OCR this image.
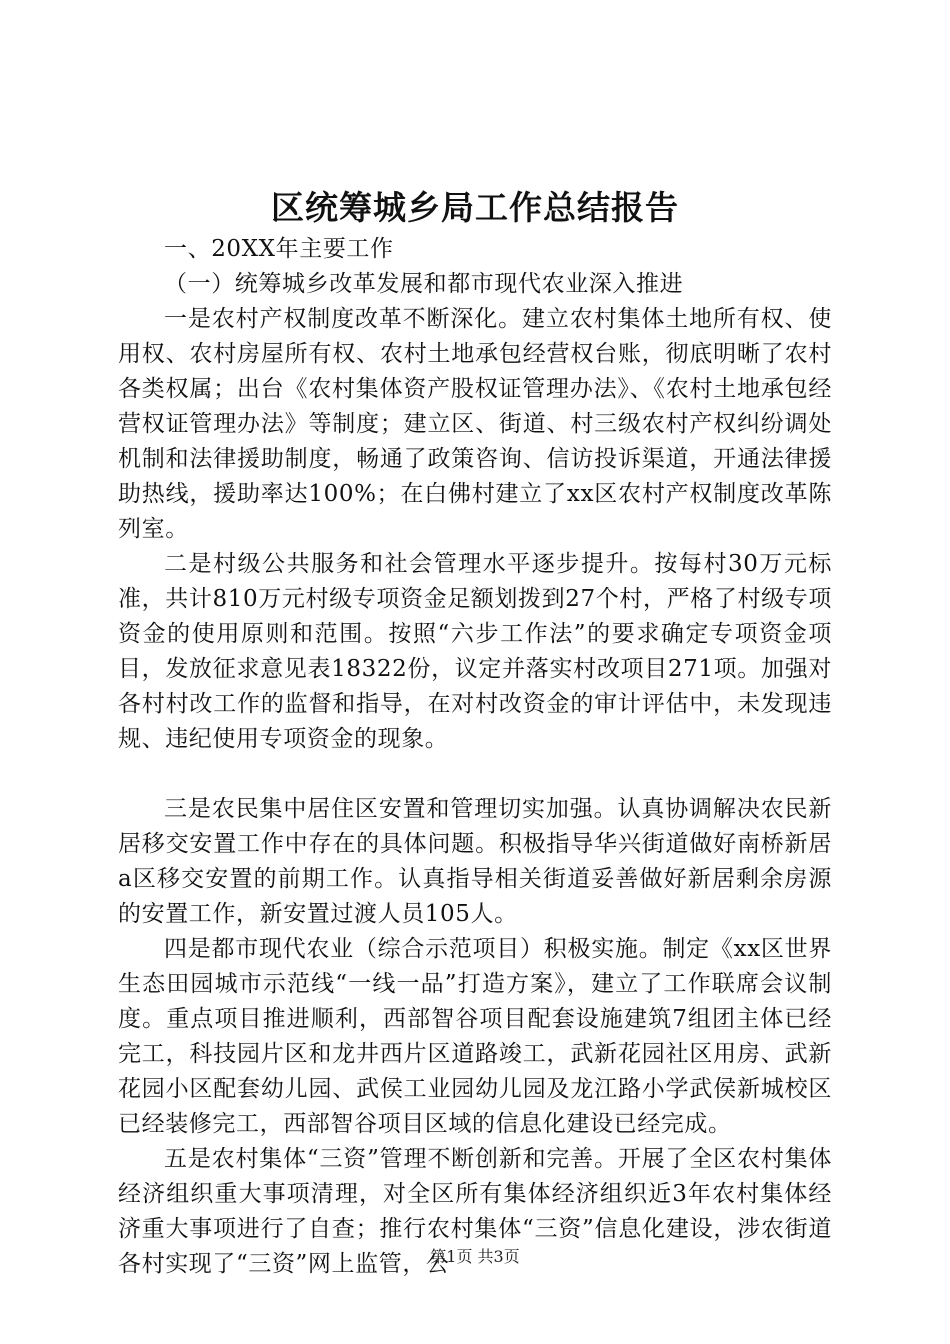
区统筹城乡局工作总结报告

一、20XX年主要工作

（一）统筹城乡改革发展和都市现代农业深入推进

一是农村产权制度改革不断深化。建立农村集体土地所有权、使用权、农村房屋所有权、农村土地承包经营权台账，彻底明晰了农村各类权属；出台《农村集体资产股权证管理办法》、《农村土地承包经营权证管理办法》等制度；建立区、街道、村三级农村产权纠纷调处机制和法律援助制度，畅通了政策咨询、信访投诉渠道，开通法律援助热线，援助率达100%；在白佛村建立了xx区农村产权制度改革陈列室。

二是村级公共服务和社会管理水平逐步提升。按每村30万元标准，共计810万元村级专项资金足额划拨到27个村，严格了村级专项资金的使用原则和范围。按照“六步工作法”的要求确定专项资金项目，发放征求意见表18322份，议定并落实村改项目271项。加强对各村村改工作的监督和指导，在对村改资金的审计评估中，未发现违规、违纪使用专项资金的现象。

三是农民集中居住区安置和管理切实加强。认真协调解决农民新居移交安置工作中存在的具体问题。积极指导华兴街道做好南桥新居a区移交安置的前期工作。认真指导相关街道妥善做好新居剩余房源的安置工作，新安置过渡人员105人。

四是都市现代农业（综合示范项目）积极实施。制定《xx区世界生态田园城市示范线“一线一品”打造方案》，建立了工作联席会议制度。重点项目推进顺利，西部智谷项目配套设施建筑7组团主体已经完工，科技园片区和龙井西片区道路竣工，武新花园社区用房、武新花园小区配套幼儿园、武侯工业园幼儿园及龙江路小学武侯新城校区已经装修完工，西部智谷项目区域的信息化建设已经完成。

五是农村集体“三资”管理不断创新和完善。开展了全区农村集体经济组织重大事项清理，对全区所有集体经济组织近3年农村集体经济重大事项进行了自查；推行农村集体“三资”信息化建设，涉农街道各村实现了“三资”网上监管，公

第1页 共3页
